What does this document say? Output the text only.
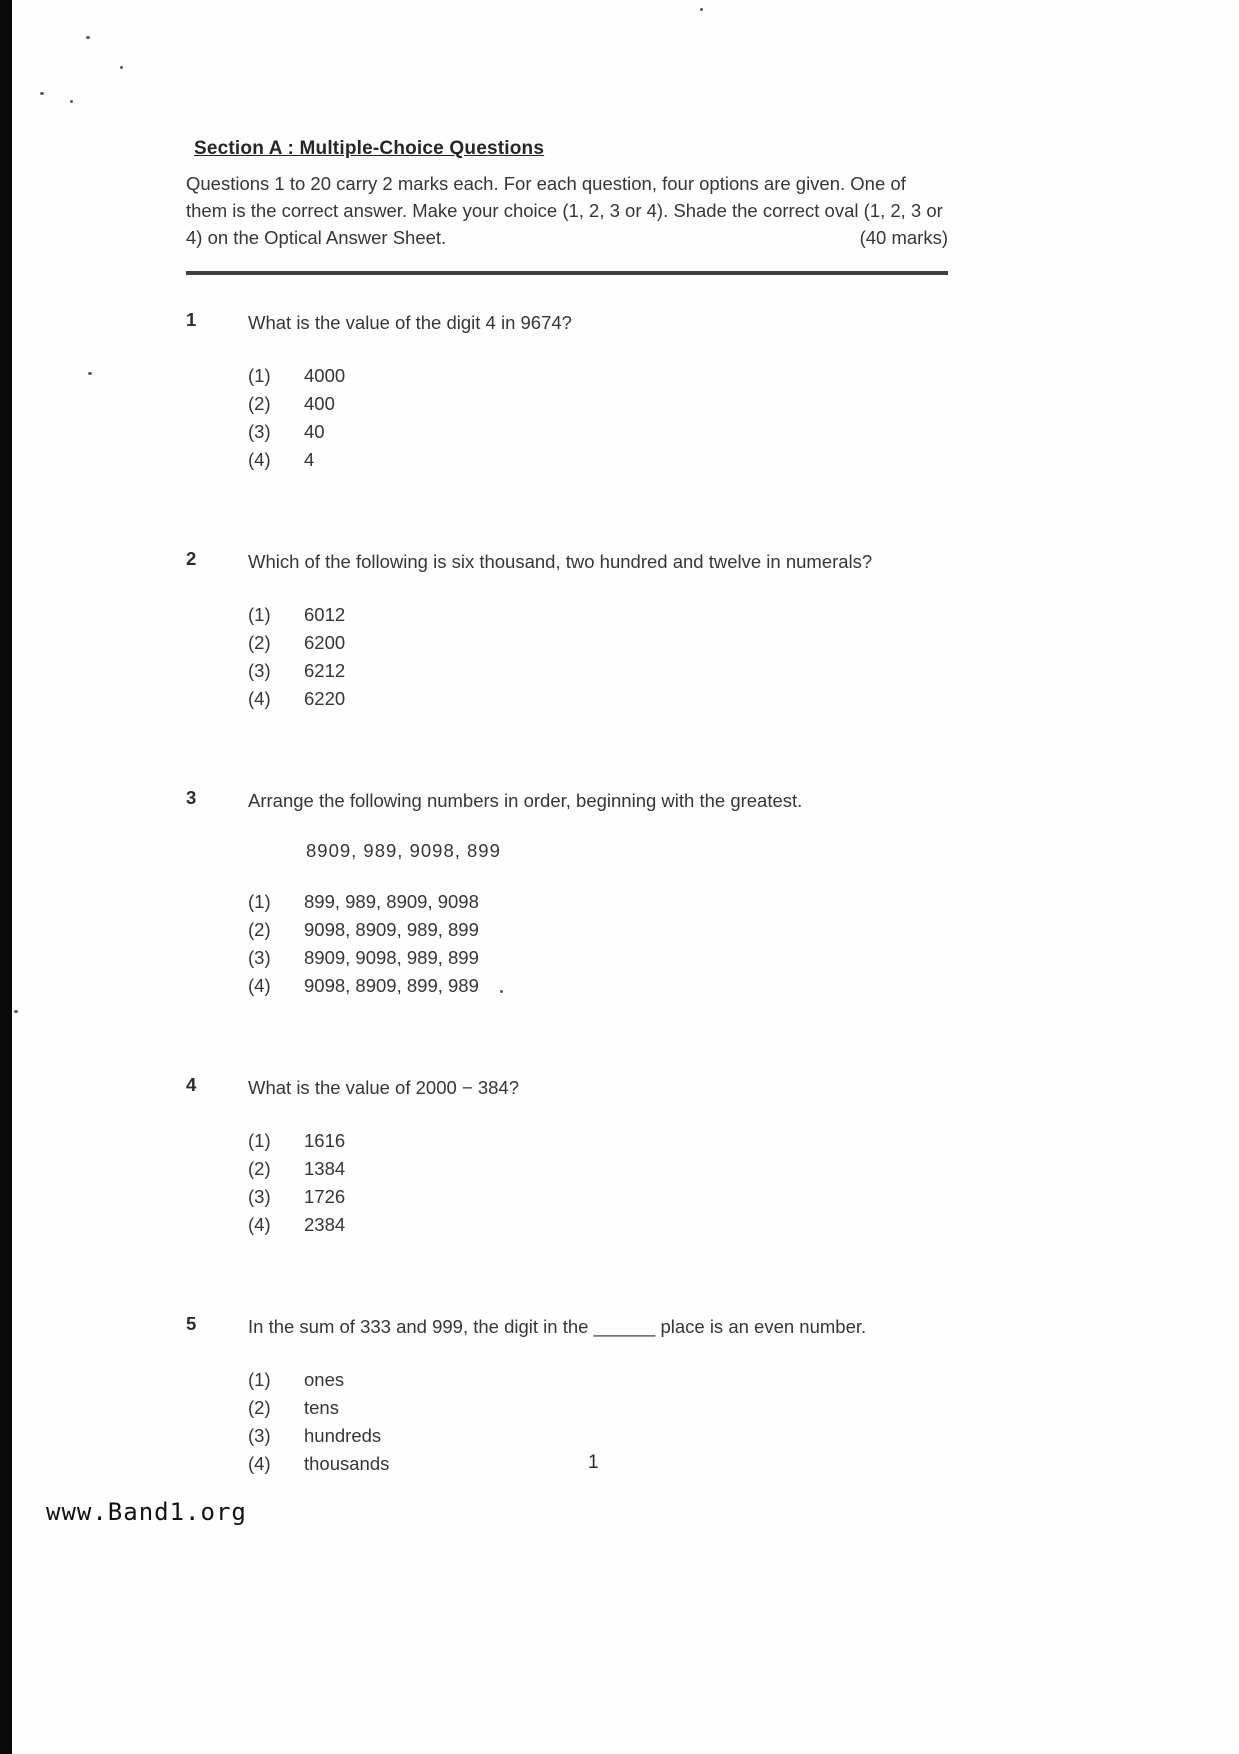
Section A : Multiple-Choice Questions

Questions 1 to 20 carry 2 marks each. For each question, four options are given. One of them is the correct answer. Make your choice (1, 2, 3 or 4). Shade the correct oval (1, 2, 3 or 4) on the Optical Answer Sheet.	(40 marks)

1	What is the value of the digit 4 in 9674?
(1) 4000
(2) 400
(3) 40
(4) 4
2	Which of the following is six thousand, two hundred and twelve in numerals?
(1) 6012
(2) 6200
(3) 6212
(4) 6220
3	Arrange the following numbers in order, beginning with the greatest.
8909, 989, 9098, 899
(1) 899, 989, 8909, 9098
(2) 9098, 8909, 989, 899
(3) 8909, 9098, 989, 899
(4) 9098, 8909, 899, 989
4	What is the value of 2000 − 384?
(1) 1616
(2) 1384
(3) 1726
(4) 2384
5	In the sum of 333 and 999, the digit in the ______ place is an even number.
(1) ones
(2) tens
(3) hundreds
(4) thousands	1
www.Band1.org
